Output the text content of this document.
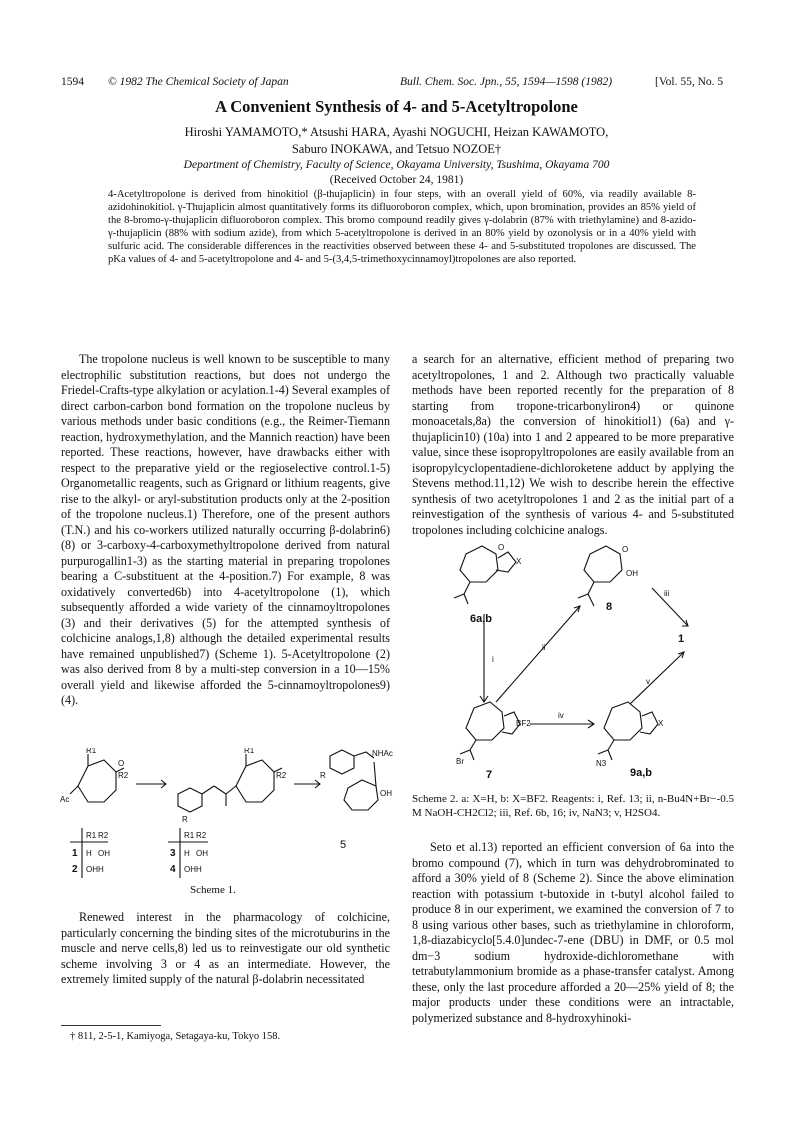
1594 © 1982 The Chemical Society of Japan	Bull. Chem. Soc. Jpn., 55, 1594—1598 (1982)	[Vol. 55, No. 5
A Convenient Synthesis of 4- and 5-Acetyltropolone
Hiroshi YAMAMOTO,* Atsushi HARA, Ayashi NOGUCHI, Heizan KAWAMOTO,
Saburo INOKAWA, and Tetsuo NOZOE†
Department of Chemistry, Faculty of Science, Okayama University, Tsushima, Okayama 700
(Received October 24, 1981)
4-Acetyltropolone is derived from hinokitiol (β-thujaplicin) in four steps, with an overall yield of 60%, via readily available 8-azidohinokitiol. γ-Thujaplicin almost quantitatively forms its difluoroboron complex, which, upon bromination, provides an 85% yield of the 8-bromo-γ-thujaplicin difluoroboron complex. This bromo compound readily gives γ-dolabrin (87% with triethylamine) and 8-azido-γ-thujaplicin (88% with sodium azide), from which 5-acetyltropolone is derived in an 80% yield by ozonolysis or in a 40% yield with sulfuric acid. The considerable differences in the reactivities observed between these 4- and 5-substituted tropolones are discussed. The pKa values of 4- and 5-acetyltropolone and 4- and 5-(3,4,5-trimethoxycinnamoyl)tropolones are also reported.

The tropolone nucleus is well known to be susceptible to many electrophilic substitution reactions, but does not undergo the Friedel-Crafts-type alkylation or acylation.1-4) Several examples of direct carbon-carbon bond formation on the tropolone nucleus by various methods under basic conditions (e.g., the Reimer-Tiemann reaction, hydroxymethylation, and the Mannich reaction) have been reported. These reactions, however, have drawbacks either with respect to the preparative yield or the regioselective control.1-5) Organometallic reagents, such as Grignard or lithium reagents, give rise to the alkyl- or aryl-substitution products only at the 2-position of the tropolone nucleus.1) Therefore, one of the present authors (T.N.) and his co-workers utilized naturally occurring β-dolabrin6) (8) or 3-carboxy-4-carboxymethyltropolone derived from natural purpurogallin1-3) as the starting material in preparing tropolones bearing a C-substituent at the 4-position.7) For example, 8 was oxidatively converted6b) into 4-acetyltropolone (1), which subsequently afforded a wide variety of the cinnamoyltropolones (3) and their derivatives (5) for the attempted synthesis of colchicine analogs,1,8) although the detailed experimental results have remained unpublished7) (Scheme 1). 5-Acetyltropolone (2) was also derived from 8 by a multi-step conversion in a 10—15% overall yield and likewise afforded the 5-cinnamoyltropolones9) (4).

R1
R2
Ac
O
R
R1
R2	R
NHAc
OH
5
R1 R2
1 H OH
2 OH H
R1 R2
3 H OH
4 OH H
Scheme 1.

Renewed interest in the pharmacology of colchicine, particularly concerning the binding sites of the microtuburins in the muscle and nerve cells,8) led us to reinvestigate our old synthetic scheme involving 3 or 4 as an intermediate. However, the extremely limited supply of the natural β-dolabrin necessitated

† 811, 2-5-1, Kamiyoga, Setagaya-ku, Tokyo 158.

a search for an alternative, efficient method of preparing two acetyltropolones, 1 and 2. Although two practically valuable methods have been reported recently for the preparation of 8 starting from tropone-tricarbonyliron4) or quinone monoacetals,8a) the conversion of hinokitiol1) (6a) and γ-thujaplicin10) (10a) into 1 and 2 appeared to be more preparative value, since these isopropyltropolones are easily available from an isopropylcyclopentadiene-dichloroketene adduct by applying the Stevens method.11,12) We wish to describe herein the effective synthesis of two acetyltropolones 1 and 2 as the initial part of a reinvestigation of the synthesis of various 4- and 5-substituted tropolones including colchicine analogs.

O
X
O
OH
BF2
Br
X
N3
i
ii
iii
v
iv
6a,b
8
1
7	9a,b
Scheme 2. a: X=H, b: X=BF2. Reagents: i, Ref. 13; ii, n-Bu4N+Br−-0.5 M NaOH-CH2Cl2; iii, Ref. 6b, 16; iv, NaN3; v, H2SO4.

Seto et al.13) reported an efficient conversion of 6a into the bromo compound (7), which in turn was dehydrobrominated to afford a 30% yield of 8 (Scheme 2). Since the above elimination reaction with potassium t-butoxide in t-butyl alcohol failed to produce 8 in our experiment, we examined the conversion of 7 to 8 using various other bases, such as triethylamine in chloroform, 1,8-diazabicyclo[5.4.0]undec-7-ene (DBU) in DMF, or 0.5 mol dm−3 sodium hydroxide-dichloromethane with tetrabutylammonium bromide as a phase-transfer catalyst. Among these, only the last procedure afforded a 20—25% yield of 8; the major products under these conditions were an intractable, polymerized substance and 8-hydroxyhinoki-
